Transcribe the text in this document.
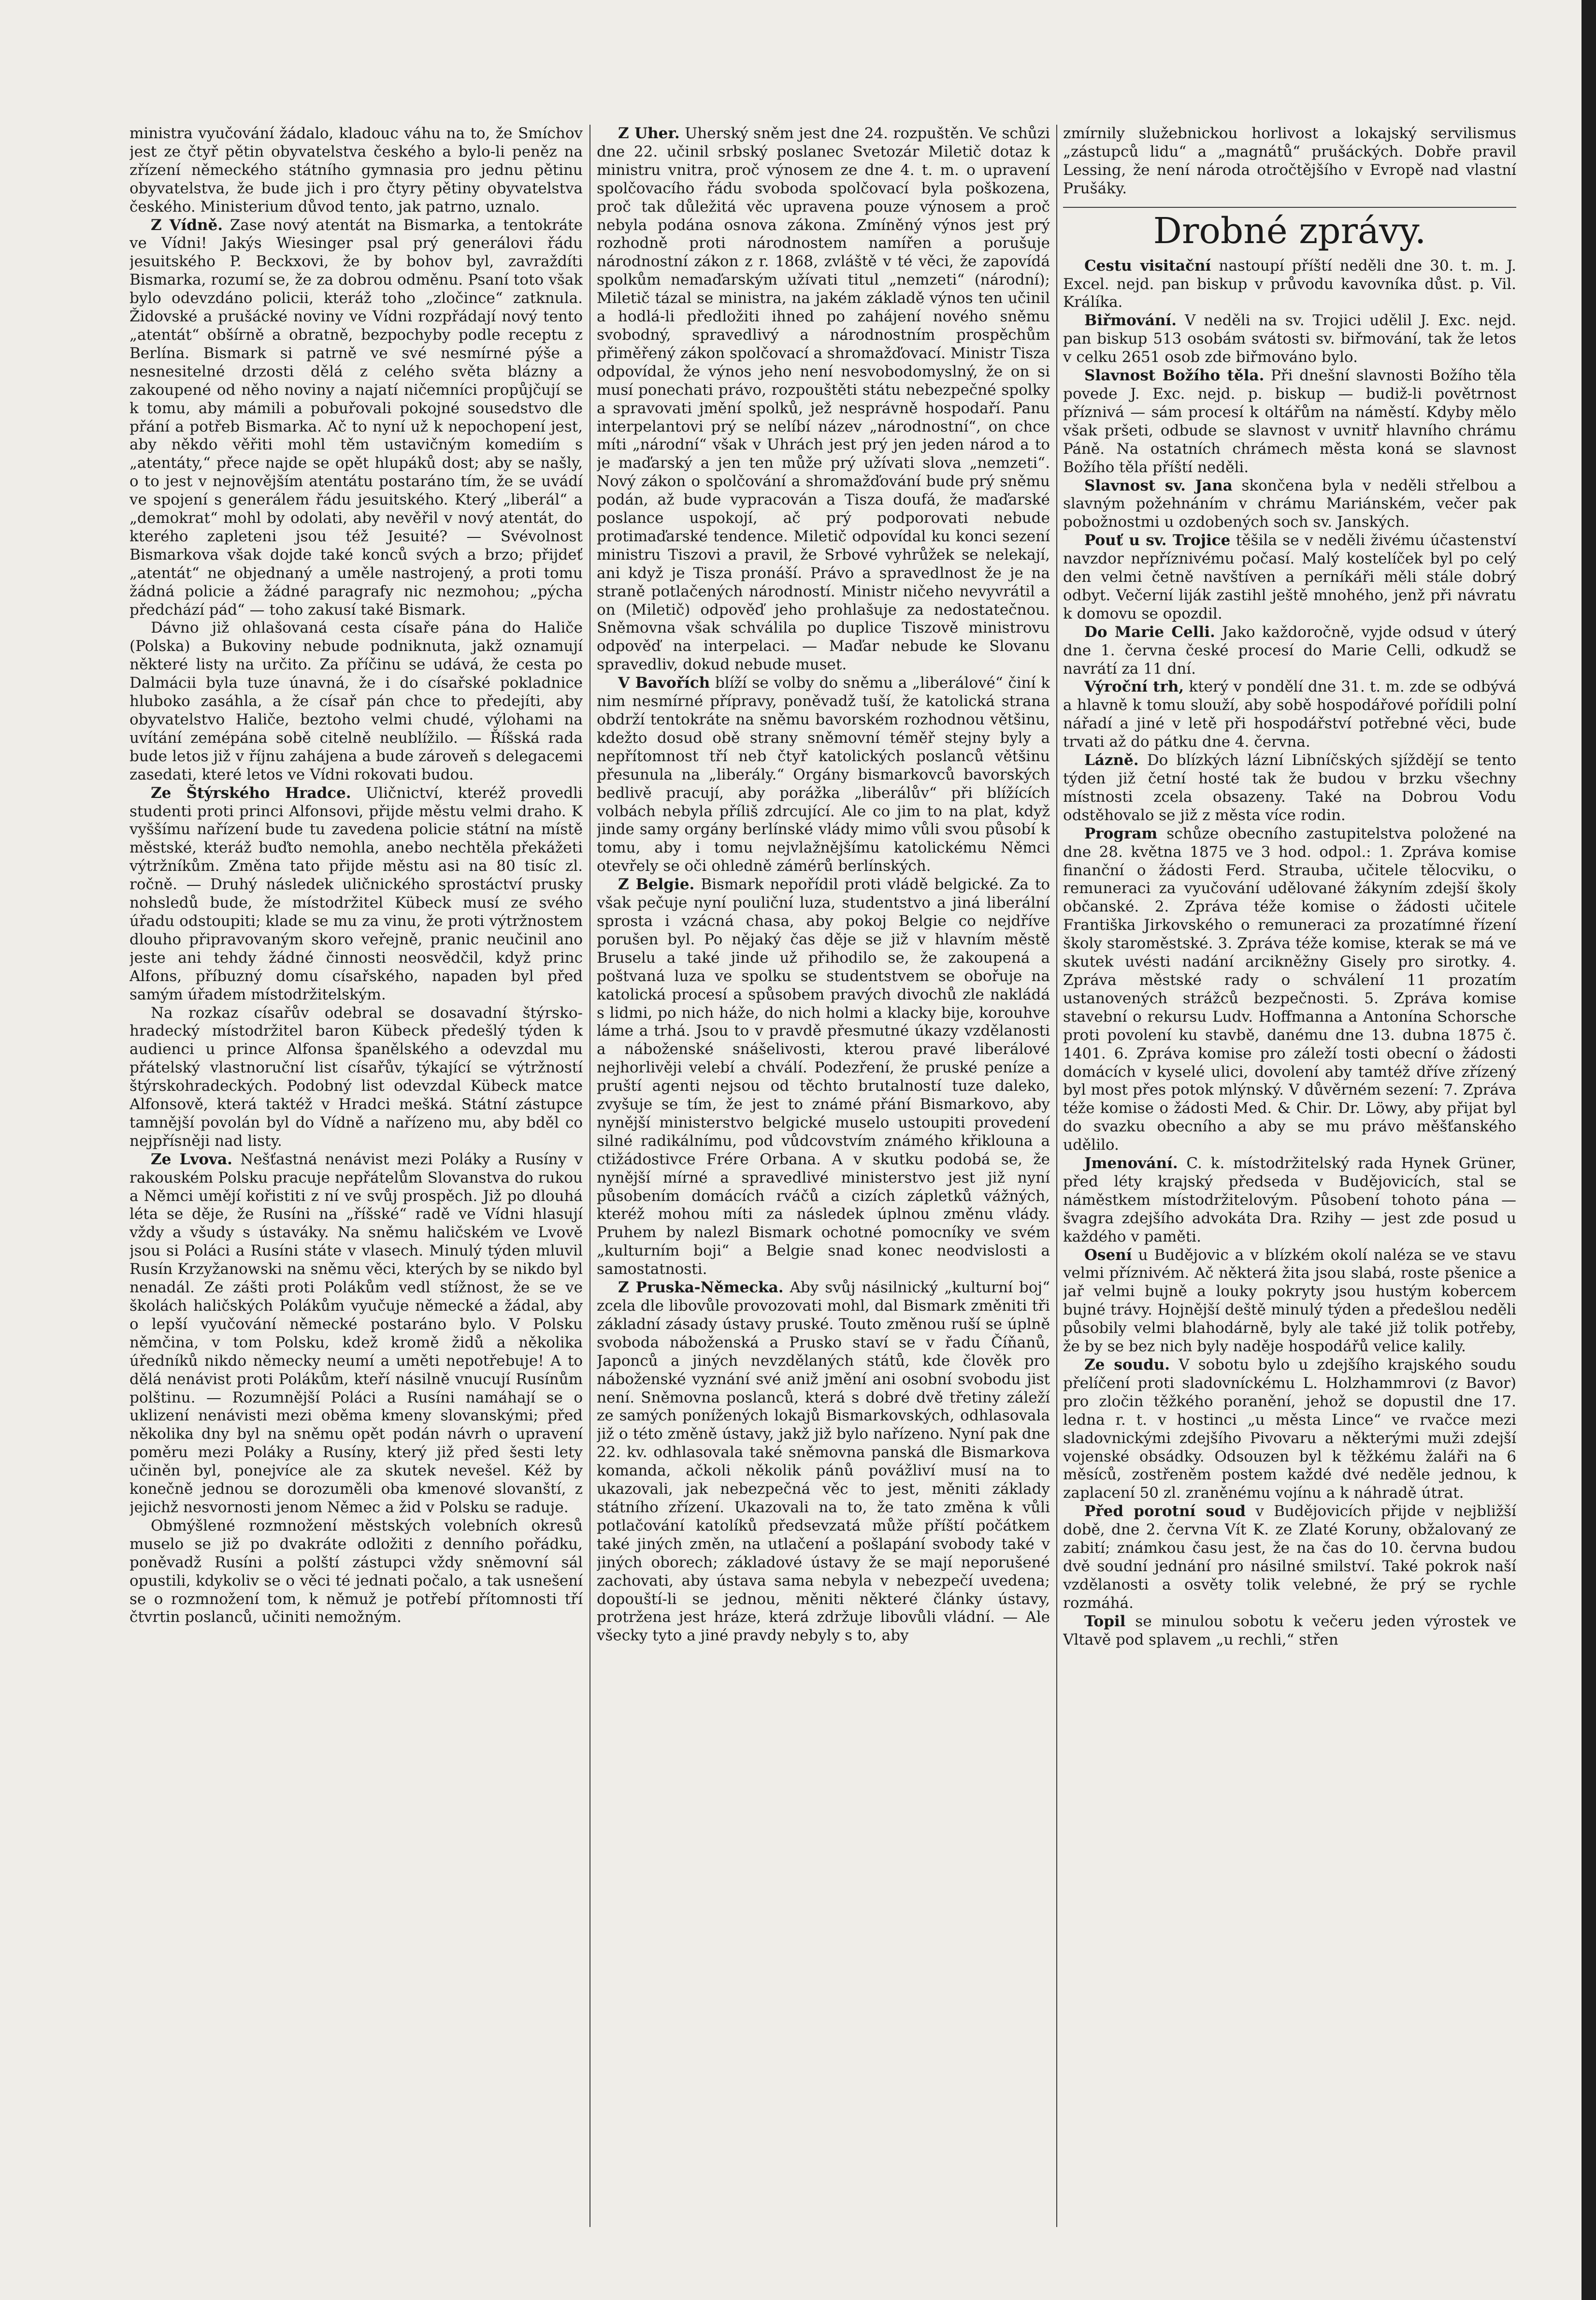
ministra vyučování žádalo, kladouc váhu na to, že Smíchov jest ze čtyř pětin obyvatelstva českého a bylo-li peněz na zřízení německého státního gymnasia pro jednu pětinu obyvatelstva, že bude jich i pro čtyry pětiny obyvatelstva českého. Ministerium důvod tento, jak patrno, uznalo.

Z Vídně. Zase nový atentát na Bismarka, a tentokráte ve Vídni! Jakýs Wiesinger psal prý generálovi řádu jesuitského P. Beckxovi, že by bohov byl, zavraždíti Bismarka, rozumí se, že za dobrou odměnu. Psaní toto však bylo odevzdáno policii, kteráž toho „zločince“ zatknula. Židovské a prušácké noviny ve Vídni rozpřádají nový tento „atentát“ obšírně a obratně, bezpochyby podle receptu z Berlína. Bismark si patrně ve své nesmírné pýše a nesnesitelné drzosti dělá z celého světa blázny a zakoupené od něho noviny a najatí ničemníci propůjčují se k tomu, aby mámili a pobuřovali pokojné sousedstvo dle přání a potřeb Bismarka. Ač to nyní už k nepochopení jest, aby někdo věřiti mohl těm ustavičným komediím s „atentáty,“ přece najde se opět hlupáků dost; aby se našly, o to jest v nejnovějším atentátu postaráno tím, že se uvádí ve spojení s generálem řádu jesuitského. Který „liberál“ a „demokrat“ mohl by odolati, aby nevěřil v nový atentát, do kterého zapleteni jsou též Jesuité? — Svévolnost Bismarkova však dojde také konců svých a brzo; přijdeť „atentát“ ne objednaný a uměle nastrojený, a proti tomu žádná policie a žádné paragrafy nic nezmohou; „pýcha předchází pád“ — toho zakusí také Bismark.

Dávno již ohlašovaná cesta císaře pána do Haliče (Polska) a Bukoviny nebude podniknuta, jakž oznamují některé listy na určito. Za příčinu se udává, že cesta po Dalmácii byla tuze únavná, že i do císařské pokladnice hluboko zasáhla, a že císař pán chce to předejíti, aby obyvatelstvo Haliče, beztoho velmi chudé, výlohami na uvítání zemépána sobě citelně neublížilo. — Říšská rada bude letos již v říjnu zahájena a bude zároveň s delegacemi zasedati, které letos ve Vídni rokovati budou.

Ze Štýrského Hradce. Uličnictví, kteréž provedli studenti proti princi Alfonsovi, přijde městu velmi draho. K vyššímu nařízení bude tu zavedena policie státní na místě městské, kteráž buďto nemohla, anebo nechtěla překážeti výtržníkům. Změna tato přijde městu asi na 80 tisíc zl. ročně. — Druhý následek uličnického sprostáctví prusky nohsledů bude, že místodržitel Kübeck musí ze svého úřadu odstoupiti; klade se mu za vinu, že proti výtržnostem dlouho připravovaným skoro veřejně, pranic neučinil ano jeste ani tehdy žádné činnosti neosvědčil, když princ Alfons, příbuzný domu císařského, napaden byl před samým úřadem místodržitelským.

Na rozkaz císařův odebral se dosavadní štýrsko-hradecký místodržitel baron Kübeck předešlý týden k audienci u prince Alfonsa španělského a odevzdal mu přátelský vlastnoruční list císařův, týkající se výtržností štýrskohradeckých. Podobný list odevzdal Kübeck matce Alfonsově, která taktéž v Hradci mešká. Státní zástupce tamnější povolán byl do Vídně a nařízeno mu, aby bděl co nejpřísněji nad listy.

Ze Lvova. Nešťastná nenávist mezi Poláky a Rusíny v rakouském Polsku pracuje nepřátelům Slovanstva do rukou a Němci umějí kořistiti z ní ve svůj prospěch. Již po dlouhá léta se děje, že Rusíni na „říšské“ radě ve Vídni hlasují vždy a všudy s ústaváky. Na sněmu haličském ve Lvově jsou si Poláci a Rusíni státe v vlasech. Minulý týden mluvil Rusín Krzyžanowski na sněmu věci, kterých by se nikdo byl nenadál. Ze zášti proti Polákům vedl stížnost, že se ve školách haličských Polákům vyučuje německé a žádal, aby o lepší vyučování německé postaráno bylo. V Polsku němčina, v tom Polsku, kdež kromě židů a několika úředníků nikdo německy neumí a uměti nepotřebuje! A to dělá nenávist proti Polákům, kteří násilně vnucují Rusínům polštinu. — Rozumnější Poláci a Rusíni namáhají se o uklizení nenávisti mezi oběma kmeny slovanskými; před několika dny byl na sněmu opět podán návrh o upravení poměru mezi Poláky a Rusíny, který již před šesti lety učiněn byl, ponejvíce ale za skutek nevešel. Kéž by konečně jednou se dorozuměli oba kmenové slovanští, z jejichž nesvornosti jenom Němec a žid v Polsku se raduje.

Obmýšlené rozmnožení městských volebních okresů muselo se již po dvakráte odložiti z denního pořádku, poněvadž Rusíni a polští zástupci vždy sněmovní sál opustili, kdykoliv se o věci té jednati počalo, a tak usnešení se o rozmnožení tom, k němuž je potřebí přítomnosti tří čtvrtin poslanců, učiniti nemožným.

Z Uher. Uherský sněm jest dne 24. rozpuštěn. Ve schůzi dne 22. učinil srbský poslanec Svetozár Miletič dotaz k ministru vnitra, proč výnosem ze dne 4. t. m. o upravení spolčovacího řádu svoboda spolčovací byla poškozena, proč tak důležitá věc upravena pouze výnosem a proč nebyla podána osnova zákona. Zmíněný výnos jest prý rozhodně proti národnostem namířen a porušuje národnostní zákon z r. 1868, zvláště v té věci, že zapovídá spolkům nemaďarským užívati titul „nemzeti“ (národní); Miletič tázal se ministra, na jakém základě výnos ten učinil a hodlá-li předložiti ihned po zahájení nového sněmu svobodný, spravedlivý a národnostním prospěchům přiměřený zákon spolčovací a shromažďovací. Ministr Tisza odpovídal, že výnos jeho není nesvobodomyslný, že on si musí ponechati právo, rozpouštěti státu nebezpečné spolky a spravovati jmění spolků, jež nesprávně hospodaří. Panu interpelantovi prý se nelíbí název „národnostní“, on chce míti „národní“ však v Uhrách jest prý jen jeden národ a to je maďarský a jen ten může prý užívati slova „nemzeti“. Nový zákon o spolčování a shromažďování bude prý sněmu podán, až bude vypracován a Tisza doufá, že maďarské poslance uspokojí, ač prý podporovati nebude protimaďarské tendence. Miletič odpovídal ku konci sezení ministru Tiszovi a pravil, že Srbové vyhrůžek se nelekají, ani když je Tisza pronáší. Právo a spravedlnost že je na straně potlačených národností. Ministr ničeho nevyvrátil a on (Miletič) odpověď jeho prohlašuje za nedostatečnou. Sněmovna však schválila po duplice Tiszově ministrovu odpověď na interpelaci. — Maďar nebude ke Slovanu spravedliv, dokud nebude muset.

V Bavořích blíží se volby do sněmu a „liberálové“ činí k nim nesmírné přípravy, poněvadž tuší, že katolická strana obdrží tentokráte na sněmu bavorském rozhodnou většinu, kdežto dosud obě strany sněmovní téměř stejny byly a nepřítomnost tří neb čtyř katolických poslanců většinu přesunula na „liberály.“ Orgány bismarkovců bavorských bedlivě pracují, aby porážka „liberálův“ při blížících volbách nebyla příliš zdrcující. Ale co jim to na plat, když jinde samy orgány berlínské vlády mimo vůli svou působí k tomu, aby i tomu nejvlažnějšímu katolickému Němci otevřely se oči ohledně zámérů berlínských.

Z Belgie. Bismark nepořídil proti vládě belgické. Za to však pečuje nyní pouliční luza, studentstvo a jiná liberální sprosta i vzácná chasa, aby pokoj Belgie co nejdříve porušen byl. Po nějaký čas děje se již v hlavním městě Bruselu a také jinde už přihodilo se, že zakoupená a poštvaná luza ve spolku se studentstvem se obořuje na katolická procesí a spůsobem pravých divochů zle nakládá s lidmi, po nich háže, do nich holmi a klacky bije, korouhve láme a trhá. Jsou to v pravdě přesmutné úkazy vzdělanosti a náboženské snášelivosti, kterou pravé liberálové nejhorlivěji velebí a chválí. Podezření, že pruské peníze a pruští agenti nejsou od těchto brutalností tuze daleko, zvyšuje se tím, že jest to známé přání Bismarkovo, aby nynější ministerstvo belgické muselo ustoupiti provedení silné radikálnímu, pod vůdcovstvím známého křiklouna a ctižádostivce Frére Orbana. A v skutku podobá se, že nynější mírné a spravedlivé ministerstvo jest již nyní působením domácích rváčů a cizích zápletků vážných, kteréž mohou míti za následek úplnou změnu vlády. Pruhem by nalezl Bismark ochotné pomocníky ve svém „kulturním boji“ a Belgie snad konec neodvislosti a samostatnosti.

Z Pruska-Německa. Aby svůj násilnický „kulturní boj“ zcela dle libovůle provozovati mohl, dal Bismark změniti tři základní zásady ústavy pruské. Touto změnou ruší se úplně svoboda náboženská a Prusko staví se v řadu Číňanů, Japonců a jiných nevzdělaných států, kde člověk pro náboženské vyznání své aniž jmění ani osobní svobodu jist není. Sněmovna poslanců, která s dobré dvě třetiny záleží ze samých ponížených lokajů Bismarkovských, odhlasovala již o této změně ústavy, jakž již bylo nařízeno. Nyní pak dne 22. kv. odhlasovala také sněmovna panská dle Bismarkova komanda, ačkoli několik pánů povážliví musí na to ukazovali, jak nebezpečná věc to jest, měniti základy státního zřízení. Ukazovali na to, že tato změna k vůli potlačování katolíků předsevzatá může příští počátkem také jiných změn, na utlačení a pošlapání svobody také v jiných oborech; základové ústavy že se mají neporušené zachovati, aby ústava sama nebyla v nebezpečí uvedena; dopouští-li se jednou, měniti některé články ústavy, protržena jest hráze, která zdržuje libovůli vládní. — Ale všecky tyto a jiné pravdy nebyly s to, aby

zmírnily služebnickou horlivost a lokajský servilismus „zástupců lidu“ a „magnátů“ prušáckých. Dobře pravil Lessing, že není národa otročtějšího v Evropě nad vlastní Prušáky.

Drobné zprávy.

Cestu visitační nastoupí příští neděli dne 30. t. m. J. Excel. nejd. pan biskup v průvodu kavovníka důst. p. Vil. Králíka.

Biřmování. V neděli na sv. Trojici udělil J. Exc. nejd. pan biskup 513 osobám svátosti sv. biřmování, tak že letos v celku 2651 osob zde biřmováno bylo.

Slavnost Božího těla. Při dnešní slavnosti Božího těla povede J. Exc. nejd. p. biskup — budiž-li povětrnost příznivá — sám procesí k oltářům na náměstí. Kdyby mělo však pršeti, odbude se slavnost v uvnitř hlavního chrámu Páně. Na ostatních chrámech města koná se slavnost Božího těla příští neděli.

Slavnost sv. Jana skončena byla v neděli střelbou a slavným požehnáním v chrámu Mariánském, večer pak pobožnostmi u ozdobených soch sv. Janských.

Pouť u sv. Trojice těšila se v neděli živému účastenství navzdor nepříznivému počasí. Malý kostelíček byl po celý den velmi četně navštíven a perníkáři měli stále dobrý odbyt. Večerní liják zastihl ještě mnohého, jenž při návratu k domovu se opozdil.

Do Marie Celli. Jako každoročně, vyjde odsud v úterý dne 1. června české procesí do Marie Celli, odkudž se navrátí za 11 dní.

Výroční trh, který v pondělí dne 31. t. m. zde se odbývá a hlavně k tomu slouží, aby sobě hospodářové pořídili polní nářadí a jiné v letě při hospodářství potřebné věci, bude trvati až do pátku dne 4. června.

Lázně. Do blízkých lázní Libníčských sjíždějí se tento týden již četní hosté tak že budou v brzku všechny místnosti zcela obsazeny. Také na Dobrou Vodu odstěhovalo se již z města více rodin.

Program schůze obecního zastupitelstva položené na dne 28. května 1875 ve 3 hod. odpol.: 1. Zpráva komise finanční o žádosti Ferd. Strauba, učitele tělocviku, o remuneraci za vyučování udělované žákyním zdejší školy občanské. 2. Zpráva téže komise o žádosti učitele Františka Jirkovského o remuneraci za prozatímné řízení školy staroměstské. 3. Zpráva téže komise, kterak se má ve skutek uvésti nadání arcikněžny Gisely pro sirotky. 4. Zpráva městské rady o schválení 11 prozatím ustanovených strážců bezpečnosti. 5. Zpráva komise stavební o rekursu Ludv. Hoffmanna a Antonína Schorsche proti povolení ku stavbě, danému dne 13. dubna 1875 č. 1401. 6. Zpráva komise pro záleží tosti obecní o žádosti domácích v kyselé ulici, dovolení aby tamtéž dříve zřízený byl most přes potok mlýnský. V důvěrném sezení: 7. Zpráva téže komise o žádosti Med. & Chir. Dr. Löwy, aby přijat byl do svazku obecního a aby se mu právo měšťanského udělilo.

Jmenování. C. k. místodržitelský rada Hynek Grüner, před léty krajský předseda v Budějovicích, stal se náměstkem místodržitelovým. Působení tohoto pána — švagra zdejšího advokáta Dra. Rzihy — jest zde posud u každého v paměti.

Osení u Budějovic a v blízkém okolí naléza se ve stavu velmi příznivém. Ač některá žita jsou slabá, roste pšenice a jař velmi bujně a louky pokryty jsou hustým kobercem bujné trávy. Hojnější deště minulý týden a předešlou neděli působily velmi blahodárně, byly ale také již tolik potřeby, že by se bez nich byly naděje hospodářů velice kalily.

Ze soudu. V sobotu bylo u zdejšího krajského soudu přelíčení proti sladovníckému L. Holzhammrovi (z Bavor) pro zločin těžkého poranění, jehož se dopustil dne 17. ledna r. t. v hostinci „u města Lince“ ve rvačce mezi sladovnickými zdejšího Pivovaru a některými muži zdejší vojenské obsádky. Odsouzen byl k těžkému žaláři na 6 měsíců, zostřeněm postem každé dvé neděle jednou, k zaplacení 50 zl. zraněnému vojínu a k náhradě útrat.

Před porotní soud v Budějovicích přijde v nejbližší době, dne 2. června Vít K. ze Zlaté Koruny, obžalovaný ze zabití; známkou času jest, že na čas do 10. června budou dvě soudní jednání pro násilné smilství. Také pokrok naší vzdělanosti a osvěty tolik velebné, že prý se rychle rozmáhá.

Topil se minulou sobotu k večeru jeden výrostek ve Vltavě pod splavem „u rechli,“ střen
